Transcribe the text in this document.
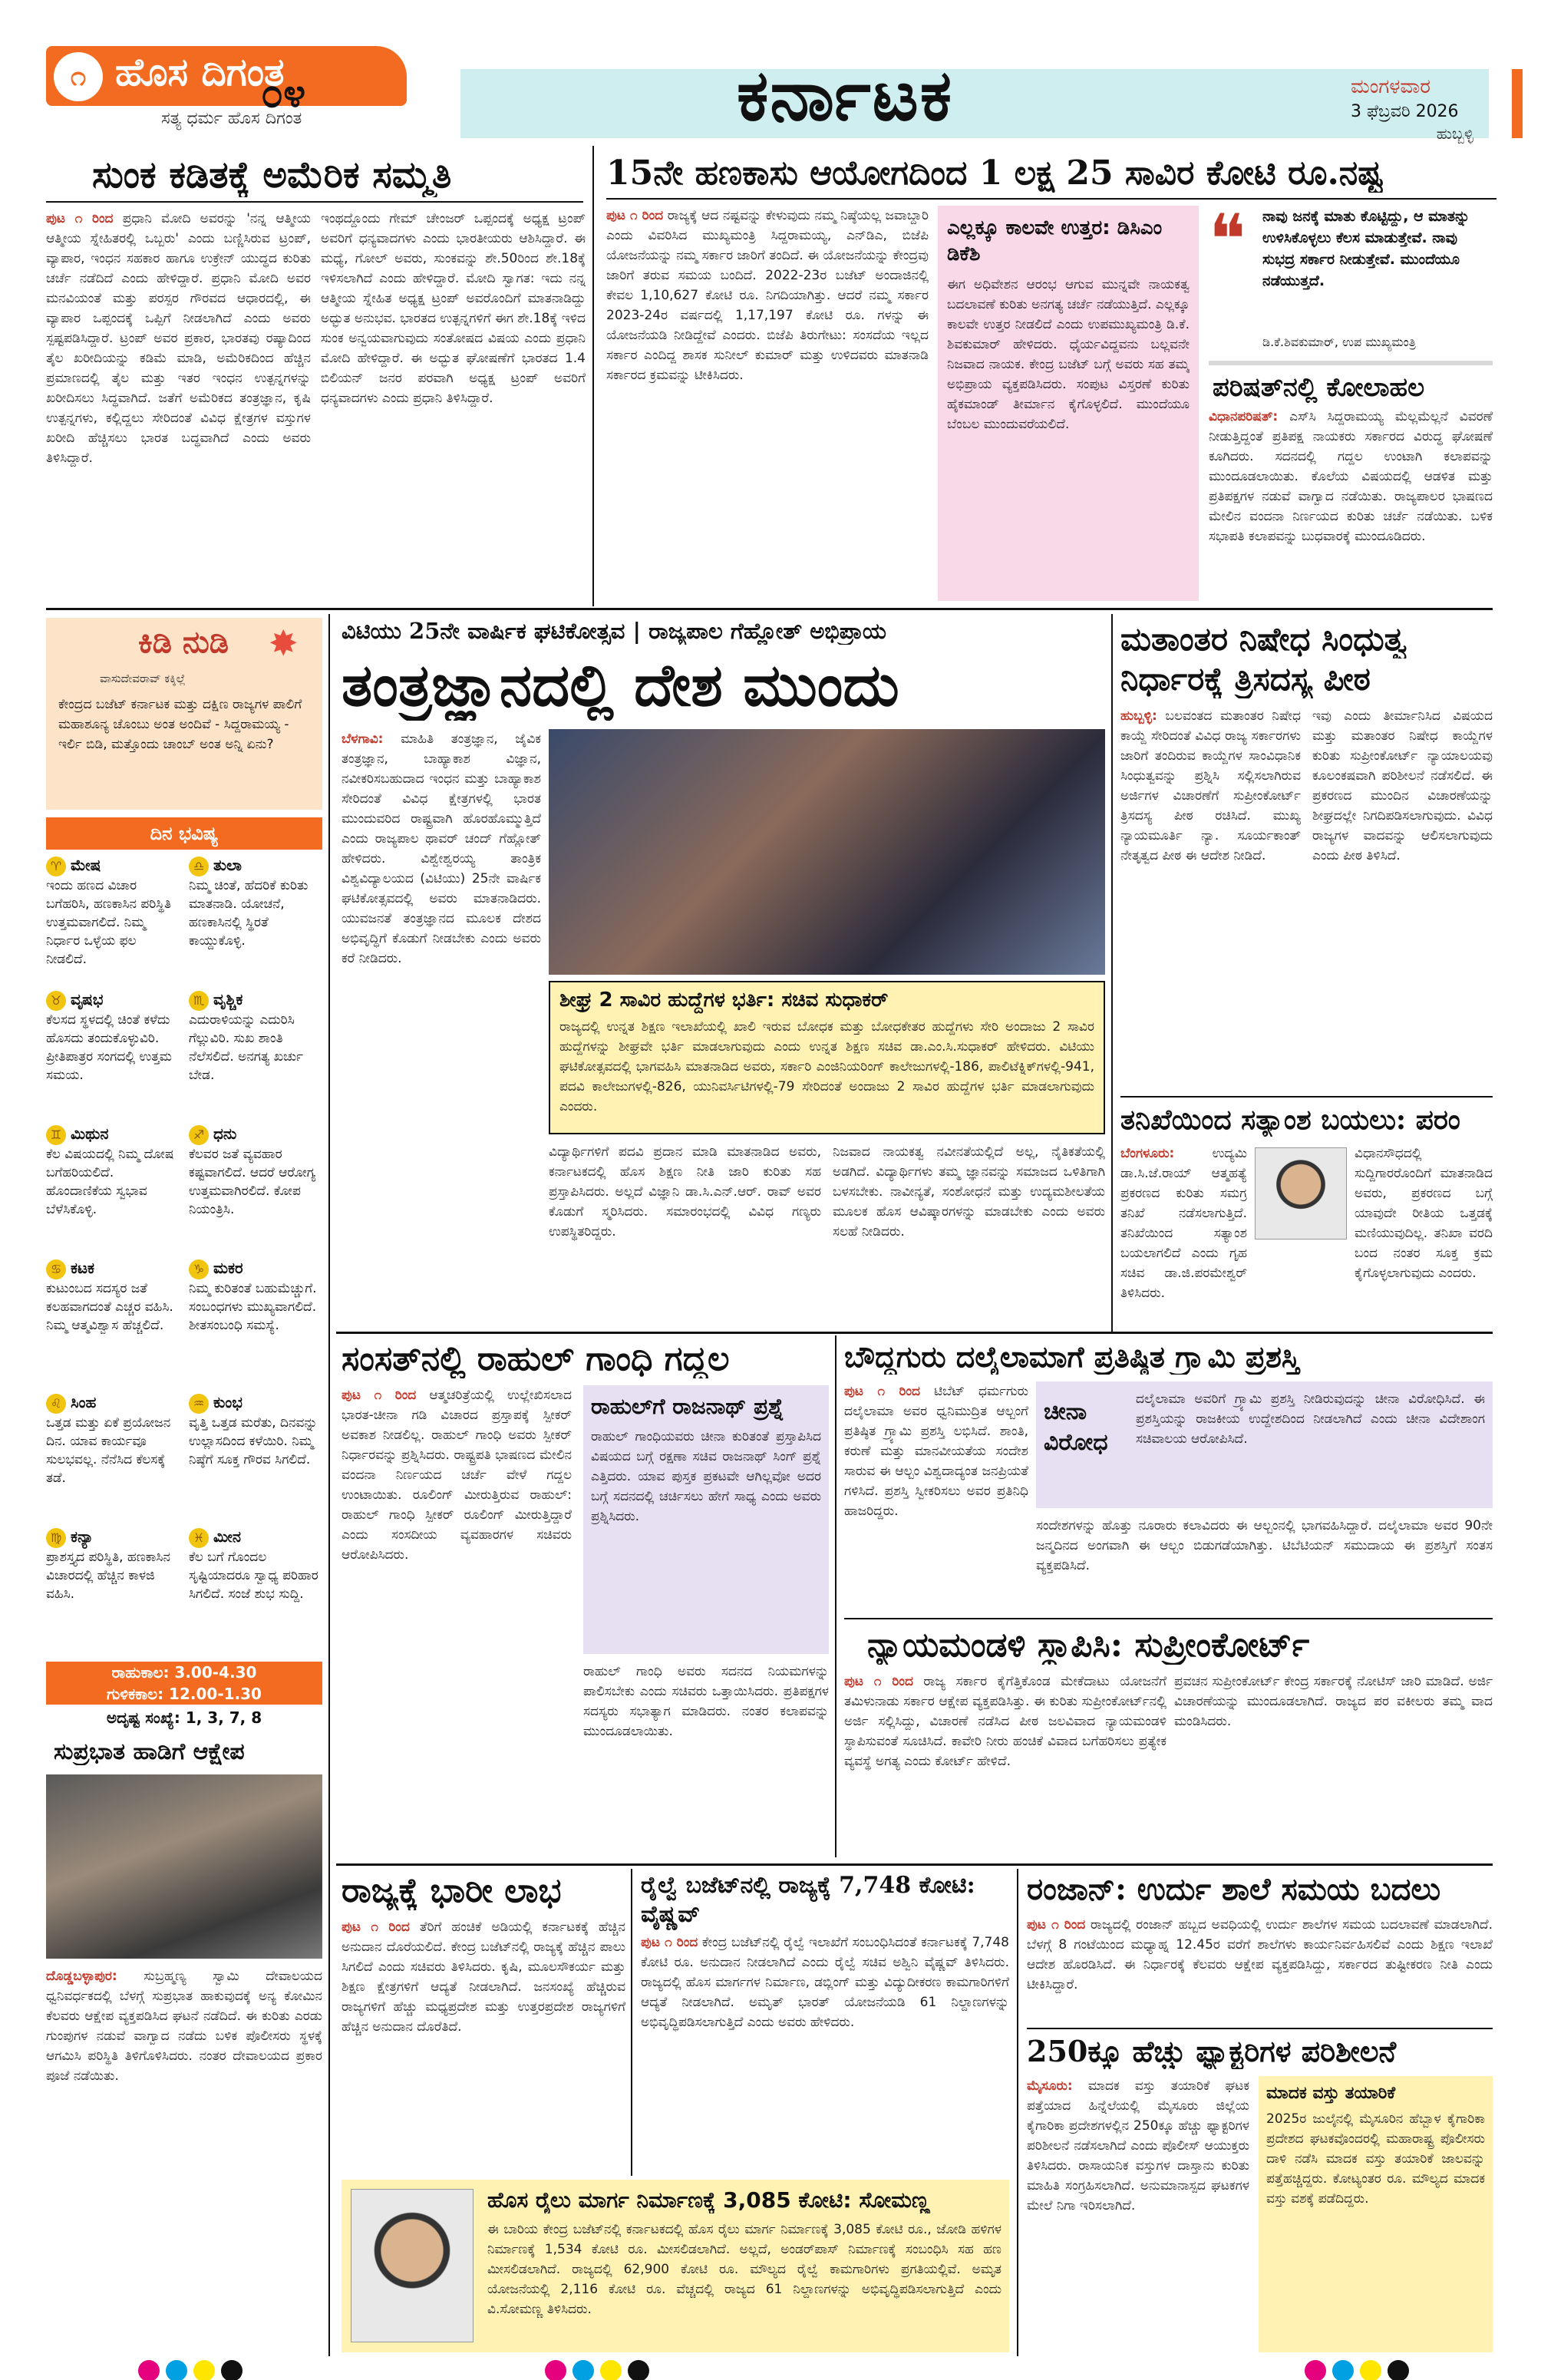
೧ ಹೊಸ ದಿಗಂತ
ಸತ್ಯ ಧರ್ಮ ಹೊಸ ದಿಗಂತ
೦೪	ಕರ್ನಾಟಕ	ಮಂಗಳವಾರ
3 ಫೆಬ್ರವರಿ 2026
ಹುಬ್ಬಳ್ಳಿ
ಸುಂಕ ಕಡಿತಕ್ಕೆ ಅಮೆರಿಕ ಸಮ್ಮತಿ
ಪುಟ ೧ ರಿಂದ ಪ್ರಧಾನಿ ಮೋದಿ ಅವರನ್ನು 'ನನ್ನ ಆತ್ಮೀಯ ಆತ್ಮೀಯ ಸ್ನೇಹಿತರಲ್ಲಿ ಒಬ್ಬರು' ಎಂದು ಬಣ್ಣಿಸಿರುವ ಟ್ರಂಪ್, ವ್ಯಾಪಾರ, ಇಂಧನ ಸಹಕಾರ ಹಾಗೂ ಉಕ್ರೇನ್ ಯುದ್ಧದ ಕುರಿತು ಚರ್ಚೆ ನಡೆದಿದೆ ಎಂದು ಹೇಳಿದ್ದಾರೆ. ಪ್ರಧಾನಿ ಮೋದಿ ಅವರ ಮನವಿಯಂತೆ ಮತ್ತು ಪರಸ್ಪರ ಗೌರವದ ಆಧಾರದಲ್ಲಿ, ಈ ವ್ಯಾಪಾರ ಒಪ್ಪಂದಕ್ಕೆ ಒಪ್ಪಿಗೆ ನೀಡಲಾಗಿದೆ ಎಂದು ಅವರು ಸ್ಪಷ್ಟಪಡಿಸಿದ್ದಾರೆ. ಟ್ರಂಪ್ ಅವರ ಪ್ರಕಾರ, ಭಾರತವು ರಷ್ಯಾದಿಂದ ತೈಲ ಖರೀದಿಯನ್ನು ಕಡಿಮೆ ಮಾಡಿ, ಅಮೆರಿಕದಿಂದ ಹೆಚ್ಚಿನ ಪ್ರಮಾಣದಲ್ಲಿ ತೈಲ ಮತ್ತು ಇತರ ಇಂಧನ ಉತ್ಪನ್ನಗಳನ್ನು ಖರೀದಿಸಲು ಸಿದ್ಧವಾಗಿದೆ. ಜತೆಗೆ ಅಮೆರಿಕದ ತಂತ್ರಜ್ಞಾನ, ಕೃಷಿ ಉತ್ಪನ್ನಗಳು, ಕಲ್ಲಿದ್ದಲು ಸೇರಿದಂತೆ ವಿವಿಧ ಕ್ಷೇತ್ರಗಳ ವಸ್ತುಗಳ ಖರೀದಿ ಹೆಚ್ಚಿಸಲು ಭಾರತ ಬದ್ಧವಾಗಿದೆ ಎಂದು ಅವರು ತಿಳಿಸಿದ್ದಾರೆ.
ಇಂಥದ್ದೊಂದು ಗೇಮ್ ಚೇಂಜರ್ ಒಪ್ಪಂದಕ್ಕೆ ಅಧ್ಯಕ್ಷ ಟ್ರಂಪ್ ಅವರಿಗೆ ಧನ್ಯವಾದಗಳು ಎಂದು ಭಾರತೀಯರು ಆಶಿಸಿದ್ದಾರೆ. ಈ ಮಧ್ಯೆ, ಗೋಲ್ ಅವರು, ಸುಂಕವನ್ನು ಶೇ.50ರಿಂದ ಶೇ.18ಕ್ಕೆ ಇಳಿಸಲಾಗಿದೆ ಎಂದು ಹೇಳಿದ್ದಾರೆ. ಮೋದಿ ಸ್ವಾಗತ: ಇದು ನನ್ನ ಆತ್ಮೀಯ ಸ್ನೇಹಿತ ಅಧ್ಯಕ್ಷ ಟ್ರಂಪ್ ಅವರೊಂದಿಗೆ ಮಾತನಾಡಿದ್ದು ಅದ್ಭುತ ಅನುಭವ. ಭಾರತದ ಉತ್ಪನ್ನಗಳಿಗೆ ಈಗ ಶೇ.18ಕ್ಕೆ ಇಳಿದ ಸುಂಕ ಅನ್ವಯವಾಗುವುದು ಸಂತೋಷದ ವಿಷಯ ಎಂದು ಪ್ರಧಾನಿ ಮೋದಿ ಹೇಳಿದ್ದಾರೆ. ಈ ಅದ್ಭುತ ಘೋಷಣೆಗೆ ಭಾರತದ 1.4 ಬಿಲಿಯನ್ ಜನರ ಪರವಾಗಿ ಅಧ್ಯಕ್ಷ ಟ್ರಂಪ್ ಅವರಿಗೆ ಧನ್ಯವಾದಗಳು ಎಂದು ಪ್ರಧಾನಿ ತಿಳಿಸಿದ್ದಾರೆ.
15ನೇ ಹಣಕಾಸು ಆಯೋಗದಿಂದ 1 ಲಕ್ಷ 25 ಸಾವಿರ ಕೋಟಿ ರೂ.ನಷ್ಟ
ಪುಟ ೧ ರಿಂದ ರಾಜ್ಯಕ್ಕೆ ಆದ ನಷ್ಟವನ್ನು ಕೇಳುವುದು ನಮ್ಮ ನಿಷ್ಠೆಯಲ್ಲ ಜವಾಬ್ದಾರಿ ಎಂದು ವಿವರಿಸಿದ ಮುಖ್ಯಮಂತ್ರಿ ಸಿದ್ದರಾಮಯ್ಯ, ಎನ್‌ಡಿಎ, ಬಿಜೆಪಿ ಯೋಜನೆಯನ್ನು ನಮ್ಮ ಸರ್ಕಾರ ಜಾರಿಗೆ ತಂದಿದೆ. ಈ ಯೋಜನೆಯನ್ನು ಕೇಂದ್ರವು ಜಾರಿಗೆ ತರುವ ಸಮಯ ಬಂದಿದೆ. 2022-23ರ ಬಜೆಟ್ ಅಂದಾಜಿನಲ್ಲಿ ಕೇವಲ 1,10,627 ಕೋಟಿ ರೂ. ನಿಗದಿಯಾಗಿತ್ತು. ಆದರೆ ನಮ್ಮ ಸರ್ಕಾರ 2023-24ರ ವರ್ಷದಲ್ಲಿ 1,17,197 ಕೋಟಿ ರೂ. ಗಳನ್ನು ಈ ಯೋಜನೆಯಡಿ ನೀಡಿದ್ದೇವೆ ಎಂದರು. ಬಿಜೆಪಿ ತಿರುಗೇಟು: ಸಂಸದೆಯ ಇಲ್ಲದ ಸರ್ಕಾರ ಎಂದಿದ್ದ ಶಾಸಕ ಸುನೀಲ್ ಕುಮಾರ್ ಮತ್ತು ಉಳಿದವರು ಮಾತನಾಡಿ ಸರ್ಕಾರದ ಕ್ರಮವನ್ನು ಟೀಕಿಸಿದರು.
ಎಲ್ಲಕ್ಕೂ ಕಾಲವೇ ಉತ್ತರ: ಡಿಸಿಎಂ ಡಿಕೆಶಿ
ಈಗ ಅಧಿವೇಶನ ಆರಂಭ ಆಗುವ ಮುನ್ನವೇ ನಾಯಕತ್ವ ಬದಲಾವಣೆ ಕುರಿತು ಅನಗತ್ಯ ಚರ್ಚೆ ನಡೆಯುತ್ತಿದೆ. ಎಲ್ಲಕ್ಕೂ ಕಾಲವೇ ಉತ್ತರ ನೀಡಲಿದೆ ಎಂದು ಉಪಮುಖ್ಯಮಂತ್ರಿ ಡಿ.ಕೆ. ಶಿವಕುಮಾರ್ ಹೇಳಿದರು. ಧೈರ್ಯವಿದ್ದವನು ಬಲ್ಲವನೇ ನಿಜವಾದ ನಾಯಕ. ಕೇಂದ್ರ ಬಜೆಟ್ ಬಗ್ಗೆ ಅವರು ಸಹ ತಮ್ಮ ಅಭಿಪ್ರಾಯ ವ್ಯಕ್ತಪಡಿಸಿದರು. ಸಂಪುಟ ವಿಸ್ತರಣೆ ಕುರಿತು ಹೈಕಮಾಂಡ್ ತೀರ್ಮಾನ ಕೈಗೊಳ್ಳಲಿದೆ. ಮುಂದೆಯೂ ಬೆಂಬಲ ಮುಂದುವರೆಯಲಿದೆ.
❝ ನಾವು ಜನಕ್ಕೆ ಮಾತು ಕೊಟ್ಟಿದ್ದು, ಆ ಮಾತನ್ನು ಉಳಿಸಿಕೊಳ್ಳಲು ಕೆಲಸ ಮಾಡುತ್ತೇವೆ. ನಾವು ಸುಭದ್ರ ಸರ್ಕಾರ ನೀಡುತ್ತೇವೆ. ಮುಂದೆಯೂ ನಡೆಯುತ್ತದೆ.
ಡಿ.ಕೆ.ಶಿವಕುಮಾರ್, ಉಪ ಮುಖ್ಯಮಂತ್ರಿ
ಪರಿಷತ್‌ನಲ್ಲಿ ಕೋಲಾಹಲ
ವಿಧಾನಪರಿಷತ್: ಎಸ್‌ಸಿ ಸಿದ್ದರಾಮಯ್ಯ ಮೆಲ್ಲಮೆಲ್ಲನೆ ವಿವರಣೆ ನೀಡುತ್ತಿದ್ದಂತೆ ಪ್ರತಿಪಕ್ಷ ನಾಯಕರು ಸರ್ಕಾರದ ವಿರುದ್ಧ ಘೋಷಣೆ ಕೂಗಿದರು. ಸದನದಲ್ಲಿ ಗದ್ದಲ ಉಂಟಾಗಿ ಕಲಾಪವನ್ನು ಮುಂದೂಡಲಾಯಿತು. ಕೊಲೆಯ ವಿಷಯದಲ್ಲಿ ಆಡಳಿತ ಮತ್ತು ಪ್ರತಿಪಕ್ಷಗಳ ನಡುವೆ ವಾಗ್ವಾದ ನಡೆಯಿತು. ರಾಜ್ಯಪಾಲರ ಭಾಷಣದ ಮೇಲಿನ ವಂದನಾ ನಿರ್ಣಯದ ಕುರಿತು ಚರ್ಚೆ ನಡೆಯಿತು. ಬಳಿಕ ಸಭಾಪತಿ ಕಲಾಪವನ್ನು ಬುಧವಾರಕ್ಕೆ ಮುಂದೂಡಿದರು.
ಕಿಡಿ ನುಡಿ ✸
ವಾಸುದೇವರಾವ್ ಕಕ್ಕಿಲ್ಲೆ
ಕೇಂದ್ರದ ಬಜೆಟ್ ಕರ್ನಾಟಕ ಮತ್ತು ದಕ್ಷಿಣ ರಾಜ್ಯಗಳ ಪಾಲಿಗೆ ಮಹಾಶೂನ್ಯ ಚೊಂಬು ಅಂತ ಅಂದಿವೆ - ಸಿದ್ದರಾಮಯ್ಯ - ಇರ್ಲಿ ಬಿಡಿ, ಮತ್ತೊಂದು ಚಾಂಬ್ ಅಂತ ಅನ್ನಿ ಏನು?
ದಿನ ಭವಿಷ್ಯ
♈ ಮೇಷ
ಇಂದು ಹಣದ ವಿಚಾರ ಬಗೆಹರಿಸಿ, ಹಣಕಾಸಿನ ಪರಿಸ್ಥಿತಿ ಉತ್ತಮವಾಗಲಿದೆ. ನಿಮ್ಮ ನಿರ್ಧಾರ ಒಳ್ಳೆಯ ಫಲ ನೀಡಲಿದೆ.
♎ ತುಲಾ
ನಿಮ್ಮ ಚಿಂತೆ, ಹೆದರಿಕೆ ಕುರಿತು ಮಾತನಾಡಿ. ಯೋಚನೆ, ಹಣಕಾಸಿನಲ್ಲಿ ಸ್ಥಿರತೆ ಕಾಯ್ದುಕೊಳ್ಳಿ.
♉ ವೃಷಭ
ಕೆಲಸದ ಸ್ಥಳದಲ್ಲಿ ಚಿಂತೆ ಕಳೆದು ಹೊಸದು ತಂದುಕೊಳ್ಳುವಿರಿ. ಪ್ರೀತಿಪಾತ್ರರ ಸಂಗದಲ್ಲಿ ಉತ್ತಮ ಸಮಯ.
♏ ವೃಶ್ಚಿಕ
ಎದುರಾಳಿಯನ್ನು ಎದುರಿಸಿ ಗೆಲ್ಲುವಿರಿ. ಸುಖ ಶಾಂತಿ ನೆಲೆಸಲಿದೆ. ಅನಗತ್ಯ ಖರ್ಚು ಬೇಡ.
♊ ಮಿಥುನ
ಕೆಲ ವಿಷಯದಲ್ಲಿ ನಿಮ್ಮ ದೋಷ ಬಗೆಹರಿಯಲಿದೆ. ಹೊಂದಾಣಿಕೆಯ ಸ್ವಭಾವ ಬೆಳೆಸಿಕೊಳ್ಳಿ.
♐ ಧನು
ಕೆಲವರ ಜತೆ ವ್ಯವಹಾರ ಕಷ್ಟವಾಗಲಿದೆ. ಆದರೆ ಆರೋಗ್ಯ ಉತ್ತಮವಾಗಿರಲಿದೆ. ಕೋಪ ನಿಯಂತ್ರಿಸಿ.
♋ ಕಟಕ
ಕುಟುಂಬದ ಸದಸ್ಯರ ಜತೆ ಕಲಹವಾಗದಂತೆ ಎಚ್ಚರ ವಹಿಸಿ. ನಿಮ್ಮ ಆತ್ಮವಿಶ್ವಾಸ ಹೆಚ್ಚಲಿದೆ.
♑ ಮಕರ
ನಿಮ್ಮ ಕುರಿತಂತೆ ಬಹುಮೆಚ್ಚುಗೆ. ಸಂಬಂಧಗಳು ಮುಖ್ಯವಾಗಲಿದೆ. ಶೀತಸಂಬಂಧಿ ಸಮಸ್ಯೆ.
♌ ಸಿಂಹ
ಒತ್ತಡ ಮತ್ತು ಏಕೆ ಪ್ರಯೋಜನ ದಿನ. ಯಾವ ಕಾರ್ಯವೂ ಸುಲಭವಲ್ಲ. ನೆನೆಸಿದ ಕೆಲಸಕ್ಕೆ ತಡೆ.
♒ ಕುಂಭ
ವೃತ್ತಿ ಒತ್ತಡ ಮರೆತು, ದಿನವನ್ನು ಉಲ್ಲಾಸದಿಂದ ಕಳೆಯಿರಿ. ನಿಮ್ಮ ನಿಷ್ಠೆಗೆ ಸೂಕ್ತ ಗೌರವ ಸಿಗಲಿದೆ.
♍ ಕನ್ಯಾ
ಪ್ರಾಶಸ್ತ್ಯದ ಪರಿಸ್ಥಿತಿ, ಹಣಕಾಸಿನ ವಿಚಾರದಲ್ಲಿ ಹೆಚ್ಚಿನ ಕಾಳಜಿ ವಹಿಸಿ.
♓ ಮೀನ
ಕೆಲ ಬಗೆ ಗೊಂದಲ ಸೃಷ್ಟಿಯಾದರೂ ಸ್ವಾಧ್ಯ ಪರಿಹಾರ ಸಿಗಲಿದೆ. ಸಂಜೆ ಶುಭ ಸುದ್ದಿ.
ರಾಹುಕಾಲ: 3.00-4.30
ಗುಳಿಕಕಾಲ: 12.00-1.30
ಅದೃಷ್ಟ ಸಂಖ್ಯೆ: 1, 3, 7, 8
ಸುಪ್ರಭಾತ ಹಾಡಿಗೆ ಆಕ್ಷೇಪ
ದೊಡ್ಡಬಳ್ಳಾಪುರ: ಸುಬ್ರಹ್ಮಣ್ಯ ಸ್ವಾಮಿ ದೇವಾಲಯದ ಧ್ವನಿವರ್ಧಕದಲ್ಲಿ ಬೆಳಗ್ಗೆ ಸುಪ್ರಭಾತ ಹಾಕುವುದಕ್ಕೆ ಅನ್ಯ ಕೋಮಿನ ಕೆಲವರು ಆಕ್ಷೇಪ ವ್ಯಕ್ತಪಡಿಸಿದ ಘಟನೆ ನಡೆದಿದೆ. ಈ ಕುರಿತು ಎರಡು ಗುಂಪುಗಳ ನಡುವೆ ವಾಗ್ವಾದ ನಡೆದು ಬಳಿಕ ಪೊಲೀಸರು ಸ್ಥಳಕ್ಕೆ ಆಗಮಿಸಿ ಪರಿಸ್ಥಿತಿ ತಿಳಿಗೊಳಿಸಿದರು. ನಂತರ ದೇವಾಲಯದ ಪ್ರಕಾರ ಪೂಜೆ ನಡೆಯಿತು.
ವಿಟಿಯು 25ನೇ ವಾರ್ಷಿಕ ಘಟಿಕೋತ್ಸವ | ರಾಜ್ಯಪಾಲ ಗೆಹ್ಲೋತ್ ಅಭಿಪ್ರಾಯ
ತಂತ್ರಜ್ಞಾನದಲ್ಲಿ ದೇಶ ಮುಂದು
ಬೆಳಗಾವಿ: ಮಾಹಿತಿ ತಂತ್ರಜ್ಞಾನ, ಜೈವಿಕ ತಂತ್ರಜ್ಞಾನ, ಬಾಹ್ಯಾಕಾಶ ವಿಜ್ಞಾನ, ನವೀಕರಿಸಬಹುದಾದ ಇಂಧನ ಮತ್ತು ಬಾಹ್ಯಾಕಾಶ ಸೇರಿದಂತೆ ವಿವಿಧ ಕ್ಷೇತ್ರಗಳಲ್ಲಿ ಭಾರತ ಮುಂದುವರಿದ ರಾಷ್ಟ್ರವಾಗಿ ಹೊರಹೊಮ್ಮುತ್ತಿದೆ ಎಂದು ರಾಜ್ಯಪಾಲ ಥಾವರ್ ಚಂದ್ ಗೆಹ್ಲೋತ್ ಹೇಳಿದರು. ವಿಶ್ವೇಶ್ವರಯ್ಯ ತಾಂತ್ರಿಕ ವಿಶ್ವವಿದ್ಯಾಲಯದ (ವಿಟಿಯು) 25ನೇ ವಾರ್ಷಿಕ ಘಟಿಕೋತ್ಸವದಲ್ಲಿ ಅವರು ಮಾತನಾಡಿದರು. ಯುವಜನತೆ ತಂತ್ರಜ್ಞಾನದ ಮೂಲಕ ದೇಶದ ಅಭಿವೃದ್ಧಿಗೆ ಕೊಡುಗೆ ನೀಡಬೇಕು ಎಂದು ಅವರು ಕರೆ ನೀಡಿದರು.
ಶೀಘ್ರ 2 ಸಾವಿರ ಹುದ್ದೆಗಳ ಭರ್ತಿ: ಸಚಿವ ಸುಧಾಕರ್
ರಾಜ್ಯದಲ್ಲಿ ಉನ್ನತ ಶಿಕ್ಷಣ ಇಲಾಖೆಯಲ್ಲಿ ಖಾಲಿ ಇರುವ ಬೋಧಕ ಮತ್ತು ಬೋಧಕೇತರ ಹುದ್ದೆಗಳು ಸೇರಿ ಅಂದಾಜು 2 ಸಾವಿರ ಹುದ್ದೆಗಳನ್ನು ಶೀಘ್ರವೇ ಭರ್ತಿ ಮಾಡಲಾಗುವುದು ಎಂದು ಉನ್ನತ ಶಿಕ್ಷಣ ಸಚಿವ ಡಾ.ಎಂ.ಸಿ.ಸುಧಾಕರ್ ಹೇಳಿದರು. ವಿಟಿಯು ಘಟಿಕೋತ್ಸವದಲ್ಲಿ ಭಾಗವಹಿಸಿ ಮಾತನಾಡಿದ ಅವರು, ಸರ್ಕಾರಿ ಎಂಜಿನಿಯರಿಂಗ್ ಕಾಲೇಜುಗಳಲ್ಲಿ-186, ಪಾಲಿಟೆಕ್ನಿಕ್‌ಗಳಲ್ಲಿ-941, ಪದವಿ ಕಾಲೇಜುಗಳಲ್ಲಿ-826, ಯುನಿವರ್ಸಿಟಿಗಳಲ್ಲಿ-79 ಸೇರಿದಂತೆ ಅಂದಾಜು 2 ಸಾವಿರ ಹುದ್ದೆಗಳ ಭರ್ತಿ ಮಾಡಲಾಗುವುದು ಎಂದರು.
ವಿದ್ಯಾರ್ಥಿಗಳಿಗೆ ಪದವಿ ಪ್ರದಾನ ಮಾಡಿ ಮಾತನಾಡಿದ ಅವರು, ಕರ್ನಾಟಕದಲ್ಲಿ ಹೊಸ ಶಿಕ್ಷಣ ನೀತಿ ಜಾರಿ ಕುರಿತು ಸಹ ಪ್ರಸ್ತಾಪಿಸಿದರು. ಅಲ್ಲದೆ ವಿಜ್ಞಾನಿ ಡಾ.ಸಿ.ಎನ್.ಆರ್. ರಾವ್ ಅವರ ಕೊಡುಗೆ ಸ್ಮರಿಸಿದರು. ಸಮಾರಂಭದಲ್ಲಿ ವಿವಿಧ ಗಣ್ಯರು ಉಪಸ್ಥಿತರಿದ್ದರು.
ನಿಜವಾದ ನಾಯಕತ್ವ ನವೀನತೆಯಲ್ಲಿದೆ ಅಲ್ಲ, ನೈತಿಕತೆಯಲ್ಲಿ ಅಡಗಿದೆ. ವಿದ್ಯಾರ್ಥಿಗಳು ತಮ್ಮ ಜ್ಞಾನವನ್ನು ಸಮಾಜದ ಒಳಿತಿಗಾಗಿ ಬಳಸಬೇಕು. ನಾವೀನ್ಯತೆ, ಸಂಶೋಧನೆ ಮತ್ತು ಉದ್ಯಮಶೀಲತೆಯ ಮೂಲಕ ಹೊಸ ಆವಿಷ್ಕಾರಗಳನ್ನು ಮಾಡಬೇಕು ಎಂದು ಅವರು ಸಲಹೆ ನೀಡಿದರು.
ಮತಾಂತರ ನಿಷೇಧ ಸಿಂಧುತ್ವ
ನಿರ್ಧಾರಕ್ಕೆ ತ್ರಿಸದಸ್ಯ ಪೀಠ
ಹುಬ್ಬಳ್ಳಿ: ಬಲವಂತದ ಮತಾಂತರ ನಿಷೇಧ ಕಾಯ್ದೆ ಸೇರಿದಂತೆ ವಿವಿಧ ರಾಜ್ಯ ಸರ್ಕಾರಗಳು ಜಾರಿಗೆ ತಂದಿರುವ ಕಾಯ್ದೆಗಳ ಸಾಂವಿಧಾನಿಕ ಸಿಂಧುತ್ವವನ್ನು ಪ್ರಶ್ನಿಸಿ ಸಲ್ಲಿಸಲಾಗಿರುವ ಅರ್ಜಿಗಳ ವಿಚಾರಣೆಗೆ ಸುಪ್ರೀಂಕೋರ್ಟ್ ತ್ರಿಸದಸ್ಯ ಪೀಠ ರಚಿಸಿದೆ. ಮುಖ್ಯ ನ್ಯಾಯಮೂರ್ತಿ ನ್ಯಾ. ಸೂರ್ಯಕಾಂತ್ ನೇತೃತ್ವದ ಪೀಠ ಈ ಆದೇಶ ನೀಡಿದೆ.
ಇವು ಎಂದು ತೀರ್ಮಾನಿಸಿದ ವಿಷಯದ ಮತ್ತು ಮತಾಂತರ ನಿಷೇಧ ಕಾಯ್ದೆಗಳ ಕುರಿತು ಸುಪ್ರೀಂಕೋರ್ಟ್ ನ್ಯಾಯಾಲಯವು ಕೂಲಂಕಷವಾಗಿ ಪರಿಶೀಲನೆ ನಡೆಸಲಿದೆ. ಈ ಪ್ರಕರಣದ ಮುಂದಿನ ವಿಚಾರಣೆಯನ್ನು ಶೀಘ್ರದಲ್ಲೇ ನಿಗದಿಪಡಿಸಲಾಗುವುದು. ವಿವಿಧ ರಾಜ್ಯಗಳ ವಾದವನ್ನು ಆಲಿಸಲಾಗುವುದು ಎಂದು ಪೀಠ ತಿಳಿಸಿದೆ.
ತನಿಖೆಯಿಂದ ಸತ್ಯಾಂಶ ಬಯಲು: ಪರಂ
ಬೆಂಗಳೂರು:	ಉದ್ಯಮಿ ಡಾ.ಸಿ.ಜೆ.ರಾಯ್ ಆತ್ಮಹತ್ಯೆ ಪ್ರಕರಣದ ಕುರಿತು ಸಮಗ್ರ ತನಿಖೆ ನಡೆಸಲಾಗುತ್ತಿದೆ. ತನಿಖೆಯಿಂದ ಸತ್ಯಾಂಶ ಬಯಲಾಗಲಿದೆ ಎಂದು ಗೃಹ ಸಚಿವ ಡಾ.ಜಿ.ಪರಮೇಶ್ವರ್ ತಿಳಿಸಿದರು.
ವಿಧಾನಸೌಧದಲ್ಲಿ ಸುದ್ದಿಗಾರರೊಂದಿಗೆ ಮಾತನಾಡಿದ ಅವರು, ಪ್ರಕರಣದ ಬಗ್ಗೆ ಯಾವುದೇ ರೀತಿಯ ಒತ್ತಡಕ್ಕೆ ಮಣಿಯುವುದಿಲ್ಲ. ತನಿಖಾ ವರದಿ ಬಂದ ನಂತರ ಸೂಕ್ತ ಕ್ರಮ ಕೈಗೊಳ್ಳಲಾಗುವುದು ಎಂದರು.
ಸಂಸತ್‌ನಲ್ಲಿ ರಾಹುಲ್ ಗಾಂಧಿ ಗದ್ದಲ
ಪುಟ ೧ ರಿಂದ ಆತ್ಮಚರಿತ್ರೆಯಲ್ಲಿ ಉಲ್ಲೇಖಿಸಲಾದ ಭಾರತ-ಚೀನಾ ಗಡಿ ವಿಚಾರದ ಪ್ರಸ್ತಾಪಕ್ಕೆ ಸ್ಪೀಕರ್ ಅವಕಾಶ ನೀಡಲಿಲ್ಲ. ರಾಹುಲ್ ಗಾಂಧಿ ಅವರು ಸ್ಪೀಕರ್ ನಿರ್ಧಾರವನ್ನು ಪ್ರಶ್ನಿಸಿದರು. ರಾಷ್ಟ್ರಪತಿ ಭಾಷಣದ ಮೇಲಿನ ವಂದನಾ ನಿರ್ಣಯದ ಚರ್ಚೆ ವೇಳೆ ಗದ್ದಲ ಉಂಟಾಯಿತು. ರೂಲಿಂಗ್ ಮೀರುತ್ತಿರುವ ರಾಹುಲ್: ರಾಹುಲ್ ಗಾಂಧಿ ಸ್ಪೀಕರ್ ರೂಲಿಂಗ್ ಮೀರುತ್ತಿದ್ದಾರೆ ಎಂದು ಸಂಸದೀಯ ವ್ಯವಹಾರಗಳ ಸಚಿವರು ಆರೋಪಿಸಿದರು.
ರಾಹುಲ್‌ಗೆ ರಾಜನಾಥ್ ಪ್ರಶ್ನೆ
ರಾಹುಲ್ ಗಾಂಧಿಯವರು ಚೀನಾ ಕುರಿತಂತೆ ಪ್ರಸ್ತಾಪಿಸಿದ ವಿಷಯದ ಬಗ್ಗೆ ರಕ್ಷಣಾ ಸಚಿವ ರಾಜನಾಥ್ ಸಿಂಗ್ ಪ್ರಶ್ನೆ ಎತ್ತಿದರು. ಯಾವ ಪುಸ್ತಕ ಪ್ರಕಟವೇ ಆಗಿಲ್ಲವೋ ಅದರ ಬಗ್ಗೆ ಸದನದಲ್ಲಿ ಚರ್ಚಿಸಲು ಹೇಗೆ ಸಾಧ್ಯ ಎಂದು ಅವರು ಪ್ರಶ್ನಿಸಿದರು.
ರಾಹುಲ್ ಗಾಂಧಿ ಅವರು ಸದನದ ನಿಯಮಗಳನ್ನು ಪಾಲಿಸಬೇಕು ಎಂದು ಸಚಿವರು ಒತ್ತಾಯಿಸಿದರು. ಪ್ರತಿಪಕ್ಷಗಳ ಸದಸ್ಯರು ಸಭಾತ್ಯಾಗ ಮಾಡಿದರು. ನಂತರ ಕಲಾಪವನ್ನು ಮುಂದೂಡಲಾಯಿತು.
ಬೌದ್ಧಗುರು ದಲೈಲಾಮಾಗೆ ಪ್ರತಿಷ್ಠಿತ ಗ್ರ್ಯಾಮಿ ಪ್ರಶಸ್ತಿ
ಪುಟ ೧ ರಿಂದ ಟಿಬೆಟ್ ಧರ್ಮಗುರು ದಲೈಲಾಮಾ ಅವರ ಧ್ವನಿಮುದ್ರಿತ ಆಲ್ಬಂಗೆ ಪ್ರತಿಷ್ಠಿತ ಗ್ರ್ಯಾಮಿ ಪ್ರಶಸ್ತಿ ಲಭಿಸಿದೆ. ಶಾಂತಿ, ಕರುಣೆ ಮತ್ತು ಮಾನವೀಯತೆಯ ಸಂದೇಶ ಸಾರುವ ಈ ಆಲ್ಬಂ ವಿಶ್ವದಾದ್ಯಂತ ಜನಪ್ರಿಯತೆ ಗಳಿಸಿದೆ. ಪ್ರಶಸ್ತಿ ಸ್ವೀಕರಿಸಲು ಅವರ ಪ್ರತಿನಿಧಿ ಹಾಜರಿದ್ದರು.
ಚೀನಾ ವಿರೋಧ
ದಲೈಲಾಮಾ ಅವರಿಗೆ ಗ್ರ್ಯಾಮಿ ಪ್ರಶಸ್ತಿ ನೀಡಿರುವುದನ್ನು ಚೀನಾ ವಿರೋಧಿಸಿದೆ. ಈ ಪ್ರಶಸ್ತಿಯನ್ನು ರಾಜಕೀಯ ಉದ್ದೇಶದಿಂದ ನೀಡಲಾಗಿದೆ ಎಂದು ಚೀನಾ ವಿದೇಶಾಂಗ ಸಚಿವಾಲಯ ಆರೋಪಿಸಿದೆ.
ಸಂದೇಶಗಳನ್ನು ಹೊತ್ತು ನೂರಾರು ಕಲಾವಿದರು ಈ ಆಲ್ಬಂನಲ್ಲಿ ಭಾಗವಹಿಸಿದ್ದಾರೆ. ದಲೈಲಾಮಾ ಅವರ 90ನೇ ಜನ್ಮದಿನದ ಅಂಗವಾಗಿ ಈ ಆಲ್ಬಂ ಬಿಡುಗಡೆಯಾಗಿತ್ತು. ಟಿಬೆಟಿಯನ್ ಸಮುದಾಯ ಈ ಪ್ರಶಸ್ತಿಗೆ ಸಂತಸ ವ್ಯಕ್ತಪಡಿಸಿದೆ.
ನ್ಯಾಯಮಂಡಳಿ ಸ್ಥಾಪಿಸಿ: ಸುಪ್ರೀಂಕೋರ್ಟ್
ಪುಟ ೧ ರಿಂದ ರಾಜ್ಯ ಸರ್ಕಾರ ಕೈಗೆತ್ತಿಕೊಂಡ ಮೇಕೆದಾಟು ಯೋಜನೆಗೆ ತಮಿಳುನಾಡು ಸರ್ಕಾರ ಆಕ್ಷೇಪ ವ್ಯಕ್ತಪಡಿಸಿತ್ತು. ಈ ಕುರಿತು ಸುಪ್ರೀಂಕೋರ್ಟ್‌ನಲ್ಲಿ ಅರ್ಜಿ ಸಲ್ಲಿಸಿದ್ದು, ವಿಚಾರಣೆ ನಡೆಸಿದ ಪೀಠ ಜಲವಿವಾದ ನ್ಯಾಯಮಂಡಳಿ ಸ್ಥಾಪಿಸುವಂತೆ ಸೂಚಿಸಿದೆ. ಕಾವೇರಿ ನೀರು ಹಂಚಿಕೆ ವಿವಾದ ಬಗೆಹರಿಸಲು ಪ್ರತ್ಯೇಕ ವ್ಯವಸ್ಥೆ ಅಗತ್ಯ ಎಂದು ಕೋರ್ಟ್ ಹೇಳಿದೆ.
ಪ್ರವಚನ ಸುಪ್ರೀಂಕೋರ್ಟ್ ಕೇಂದ್ರ ಸರ್ಕಾರಕ್ಕೆ ನೋಟಿಸ್ ಜಾರಿ ಮಾಡಿದೆ. ಅರ್ಜಿ ವಿಚಾರಣೆಯನ್ನು ಮುಂದೂಡಲಾಗಿದೆ. ರಾಜ್ಯದ ಪರ ವಕೀಲರು ತಮ್ಮ ವಾದ ಮಂಡಿಸಿದರು.
ರಾಜ್ಯಕ್ಕೆ ಭಾರೀ ಲಾಭ
ಪುಟ ೧ ರಿಂದ ತೆರಿಗೆ ಹಂಚಿಕೆ ಅಡಿಯಲ್ಲಿ ಕರ್ನಾಟಕಕ್ಕೆ ಹೆಚ್ಚಿನ ಅನುದಾನ ದೊರೆಯಲಿದೆ. ಕೇಂದ್ರ ಬಜೆಟ್‌ನಲ್ಲಿ ರಾಜ್ಯಕ್ಕೆ ಹೆಚ್ಚಿನ ಪಾಲು ಸಿಗಲಿದೆ ಎಂದು ಸಚಿವರು ತಿಳಿಸಿದರು. ಕೃಷಿ, ಮೂಲಸೌಕರ್ಯ ಮತ್ತು ಶಿಕ್ಷಣ ಕ್ಷೇತ್ರಗಳಿಗೆ ಆದ್ಯತೆ ನೀಡಲಾಗಿದೆ. ಜನಸಂಖ್ಯೆ ಹೆಚ್ಚಿರುವ ರಾಜ್ಯಗಳಿಗೆ ಹೆಚ್ಚು ಮಧ್ಯಪ್ರದೇಶ ಮತ್ತು ಉತ್ತರಪ್ರದೇಶ ರಾಜ್ಯಗಳಿಗೆ ಹೆಚ್ಚಿನ ಅನುದಾನ ದೊರೆತಿದೆ.
ರೈಲ್ವೆ ಬಜೆಟ್‌ನಲ್ಲಿ ರಾಜ್ಯಕ್ಕೆ 7,748 ಕೋಟಿ: ವೈಷ್ಣವ್
ಪುಟ ೧ ರಿಂದ ಕೇಂದ್ರ ಬಜೆಟ್‌ನಲ್ಲಿ ರೈಲ್ವೆ ಇಲಾಖೆಗೆ ಸಂಬಂಧಿಸಿದಂತೆ ಕರ್ನಾಟಕಕ್ಕೆ 7,748 ಕೋಟಿ ರೂ. ಅನುದಾನ ನೀಡಲಾಗಿದೆ ಎಂದು ರೈಲ್ವೆ ಸಚಿವ ಅಶ್ವಿನಿ ವೈಷ್ಣವ್ ತಿಳಿಸಿದರು. ರಾಜ್ಯದಲ್ಲಿ ಹೊಸ ಮಾರ್ಗಗಳ ನಿರ್ಮಾಣ, ಡಬ್ಲಿಂಗ್ ಮತ್ತು ವಿದ್ಯುದೀಕರಣ ಕಾಮಗಾರಿಗಳಿಗೆ ಆದ್ಯತೆ ನೀಡಲಾಗಿದೆ. ಅಮೃತ್ ಭಾರತ್ ಯೋಜನೆಯಡಿ 61 ನಿಲ್ದಾಣಗಳನ್ನು ಅಭಿವೃದ್ಧಿಪಡಿಸಲಾಗುತ್ತಿದೆ ಎಂದು ಅವರು ಹೇಳಿದರು.
ಹೊಸ ರೈಲು ಮಾರ್ಗ ನಿರ್ಮಾಣಕ್ಕೆ 3,085 ಕೋಟಿ: ಸೋಮಣ್ಣ
ಈ ಬಾರಿಯ ಕೇಂದ್ರ ಬಜೆಟ್‌ನಲ್ಲಿ ಕರ್ನಾಟಕದಲ್ಲಿ ಹೊಸ ರೈಲು ಮಾರ್ಗ ನಿರ್ಮಾಣಕ್ಕೆ 3,085 ಕೋಟಿ ರೂ., ಜೋಡಿ ಹಳಿಗಳ ನಿರ್ಮಾಣಕ್ಕೆ 1,534 ಕೋಟಿ ರೂ. ಮೀಸಲಿಡಲಾಗಿದೆ. ಅಲ್ಲದೆ, ಅಂಡರ್‌ಪಾಸ್ ನಿರ್ಮಾಣಕ್ಕೆ ಸಂಬಂಧಿಸಿ ಸಹ ಹಣ ಮೀಸಲಿಡಲಾಗಿದೆ. ರಾಜ್ಯದಲ್ಲಿ 62,900 ಕೋಟಿ ರೂ. ಮೌಲ್ಯದ ರೈಲ್ವೆ ಕಾಮಗಾರಿಗಳು ಪ್ರಗತಿಯಲ್ಲಿವೆ. ಅಮೃತ ಯೋಜನೆಯಲ್ಲಿ 2,116 ಕೋಟಿ ರೂ. ವೆಚ್ಚದಲ್ಲಿ ರಾಜ್ಯದ 61 ನಿಲ್ದಾಣಗಳನ್ನು ಅಭಿವೃದ್ಧಿಪಡಿಸಲಾಗುತ್ತಿದೆ ಎಂದು ವಿ.ಸೋಮಣ್ಣ ತಿಳಿಸಿದರು.
ರಂಜಾನ್: ಉರ್ದು ಶಾಲೆ ಸಮಯ ಬದಲು
ಪುಟ ೧ ರಿಂದ ರಾಜ್ಯದಲ್ಲಿ ರಂಜಾನ್ ಹಬ್ಬದ ಅವಧಿಯಲ್ಲಿ ಉರ್ದು ಶಾಲೆಗಳ ಸಮಯ ಬದಲಾವಣೆ ಮಾಡಲಾಗಿದೆ. ಬೆಳಗ್ಗೆ 8 ಗಂಟೆಯಿಂದ ಮಧ್ಯಾಹ್ನ 12.45ರ ವರೆಗೆ ಶಾಲೆಗಳು ಕಾರ್ಯನಿರ್ವಹಿಸಲಿವೆ ಎಂದು ಶಿಕ್ಷಣ ಇಲಾಖೆ ಆದೇಶ ಹೊರಡಿಸಿದೆ. ಈ ನಿರ್ಧಾರಕ್ಕೆ ಕೆಲವರು ಆಕ್ಷೇಪ ವ್ಯಕ್ತಪಡಿಸಿದ್ದು, ಸರ್ಕಾರದ ತುಷ್ಟೀಕರಣ ನೀತಿ ಎಂದು ಟೀಕಿಸಿದ್ದಾರೆ.
250ಕ್ಕೂ ಹೆಚ್ಚು ಫ್ಯಾಕ್ಟರಿಗಳ ಪರಿಶೀಲನೆ
ಮೈಸೂರು: ಮಾದಕ ವಸ್ತು ತಯಾರಿಕೆ ಘಟಕ ಪತ್ತೆಯಾದ ಹಿನ್ನೆಲೆಯಲ್ಲಿ ಮೈಸೂರು ಜಿಲ್ಲೆಯ ಕೈಗಾರಿಕಾ ಪ್ರದೇಶಗಳಲ್ಲಿನ 250ಕ್ಕೂ ಹೆಚ್ಚು ಫ್ಯಾಕ್ಟರಿಗಳ ಪರಿಶೀಲನೆ ನಡೆಸಲಾಗಿದೆ ಎಂದು ಪೊಲೀಸ್ ಆಯುಕ್ತರು ತಿಳಿಸಿದರು. ರಾಸಾಯನಿಕ ವಸ್ತುಗಳ ದಾಸ್ತಾನು ಕುರಿತು ಮಾಹಿತಿ ಸಂಗ್ರಹಿಸಲಾಗಿದೆ. ಅನುಮಾನಾಸ್ಪದ ಘಟಕಗಳ ಮೇಲೆ ನಿಗಾ ಇರಿಸಲಾಗಿದೆ.
ಮಾದಕ ವಸ್ತು ತಯಾರಿಕೆ
2025ರ ಜುಲೈನಲ್ಲಿ ಮೈಸೂರಿನ ಹೆಬ್ಬಾಳ ಕೈಗಾರಿಕಾ ಪ್ರದೇಶದ ಘಟಕವೊಂದರಲ್ಲಿ ಮಹಾರಾಷ್ಟ್ರ ಪೊಲೀಸರು ದಾಳಿ ನಡೆಸಿ ಮಾದಕ ವಸ್ತು ತಯಾರಿಕೆ ಜಾಲವನ್ನು ಪತ್ತೆಹಚ್ಚಿದ್ದರು. ಕೋಟ್ಯಂತರ ರೂ. ಮೌಲ್ಯದ ಮಾದಕ ವಸ್ತು ವಶಕ್ಕೆ ಪಡೆದಿದ್ದರು.
